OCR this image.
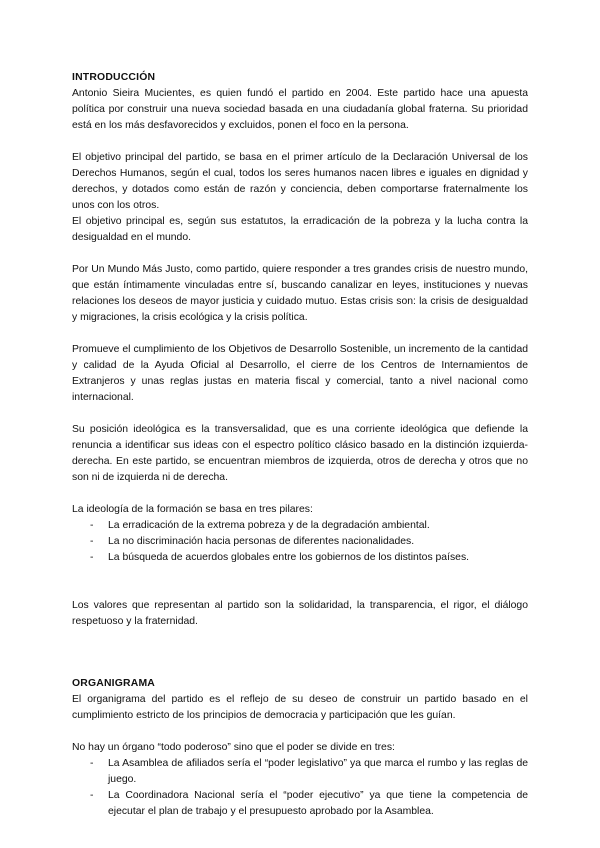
INTRODUCCIÓN

Antonio Sieira Mucientes, es quien fundó el partido en 2004. Este partido hace una apuesta política por construir una nueva sociedad basada en una ciudadanía global fraterna. Su prioridad está en los más desfavorecidos y excluidos, ponen el foco en la persona.

El objetivo principal del partido, se basa en el primer artículo de la Declaración Universal de los Derechos Humanos, según el cual, todos los seres humanos nacen libres e iguales en dignidad y derechos, y dotados como están de razón y conciencia, deben comportarse fraternalmente los unos con los otros.

El objetivo principal es, según sus estatutos, la erradicación de la pobreza y la lucha contra la desigualdad en el mundo.

Por Un Mundo Más Justo, como partido, quiere responder a tres grandes crisis de nuestro mundo, que están íntimamente vinculadas entre sí, buscando canalizar en leyes, instituciones y nuevas relaciones los deseos de mayor justicia y cuidado mutuo. Estas crisis son: la crisis de desigualdad y migraciones, la crisis ecológica y la crisis política.

Promueve el cumplimiento de los Objetivos de Desarrollo Sostenible, un incremento de la cantidad y calidad de la Ayuda Oficial al Desarrollo, el cierre de los Centros de Internamientos de Extranjeros y unas reglas justas en materia fiscal y comercial, tanto a nivel nacional como internacional.

Su posición ideológica es la transversalidad, que es una corriente ideológica que defiende la renuncia a identificar sus ideas con el espectro político clásico basado en la distinción izquierda-derecha. En este partido, se encuentran miembros de izquierda, otros de derecha y otros que no son ni de izquierda ni de derecha.

La ideología de la formación se basa en tres pilares:

- La erradicación de la extrema pobreza y de la degradación ambiental.
- La no discriminación hacia personas de diferentes nacionalidades.
- La búsqueda de acuerdos globales entre los gobiernos de los distintos países.

Los valores que representan al partido son la solidaridad, la transparencia, el rigor, el diálogo respetuoso y la fraternidad.

ORGANIGRAMA

El organigrama del partido es el reflejo de su deseo de construir un partido basado en el cumplimiento estricto de los principios de democracia y participación que les guían.

No hay un órgano “todo poderoso” sino que el poder se divide en tres:

- La Asamblea de afiliados sería el “poder legislativo” ya que marca el rumbo y las reglas de juego.
- La Coordinadora Nacional sería el “poder ejecutivo” ya que tiene la competencia de ejecutar el plan de trabajo y el presupuesto aprobado por la Asamblea.
